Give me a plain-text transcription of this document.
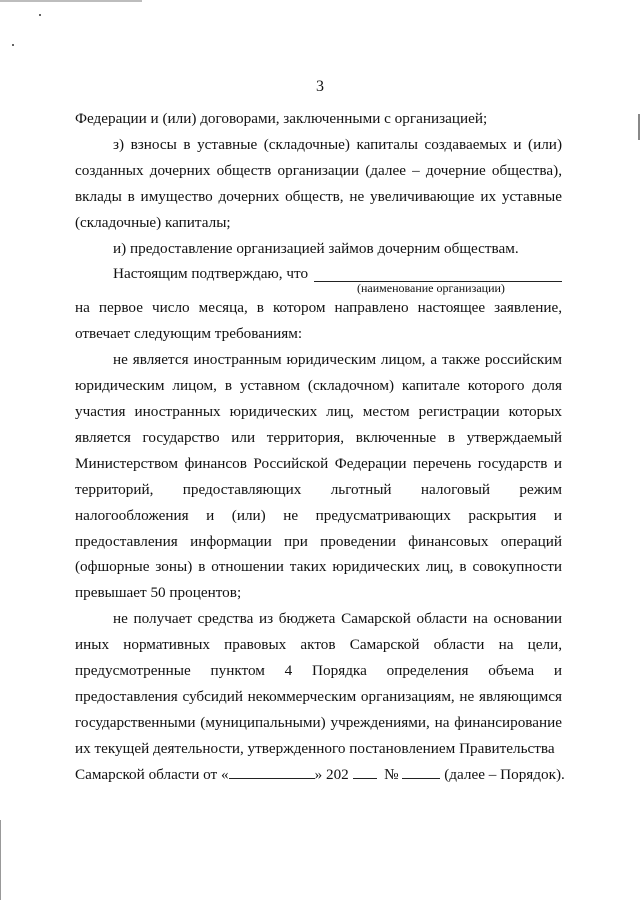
3

Федерации и (или) договорами, заключенными с организацией;

з) взносы в уставные (складочные) капиталы создаваемых и (или) созданных дочерних обществ организации (далее – дочерние общества), вклады в имущество дочерних обществ, не увеличивающие их уставные (складочные) капиталы;

и) предоставление организацией займов дочерним обществам.

Настоящим подтверждаю, что

(наименование организации)

на первое число месяца, в котором направлено настоящее заявление, отвечает следующим требованиям:

не является иностранным юридическим лицом, а также российским юридическим лицом, в уставном (складочном) капитале которого доля участия иностранных юридических лиц, местом регистрации которых является государство или территория, включенные в утверждаемый Министерством финансов Российской Федерации перечень государств и территорий, предоставляющих льготный налоговый режим налогообложения и (или) не предусматривающих раскрытия и предоставления информации при проведении финансовых операций (офшорные зоны) в отношении таких юридических лиц, в совокупности превышает 50 процентов;

не получает средства из бюджета Самарской области на основании иных нормативных правовых актов Самарской области на цели, предусмотренные пунктом 4 Порядка определения объема и предоставления субсидий некоммерческим организациям, не являющимся государственными (муниципальными) учреждениями, на финансирование их текущей деятельности, утвержденного постановлением Правительства

Самарской области от «	» 202 №	(далее – Порядок).
